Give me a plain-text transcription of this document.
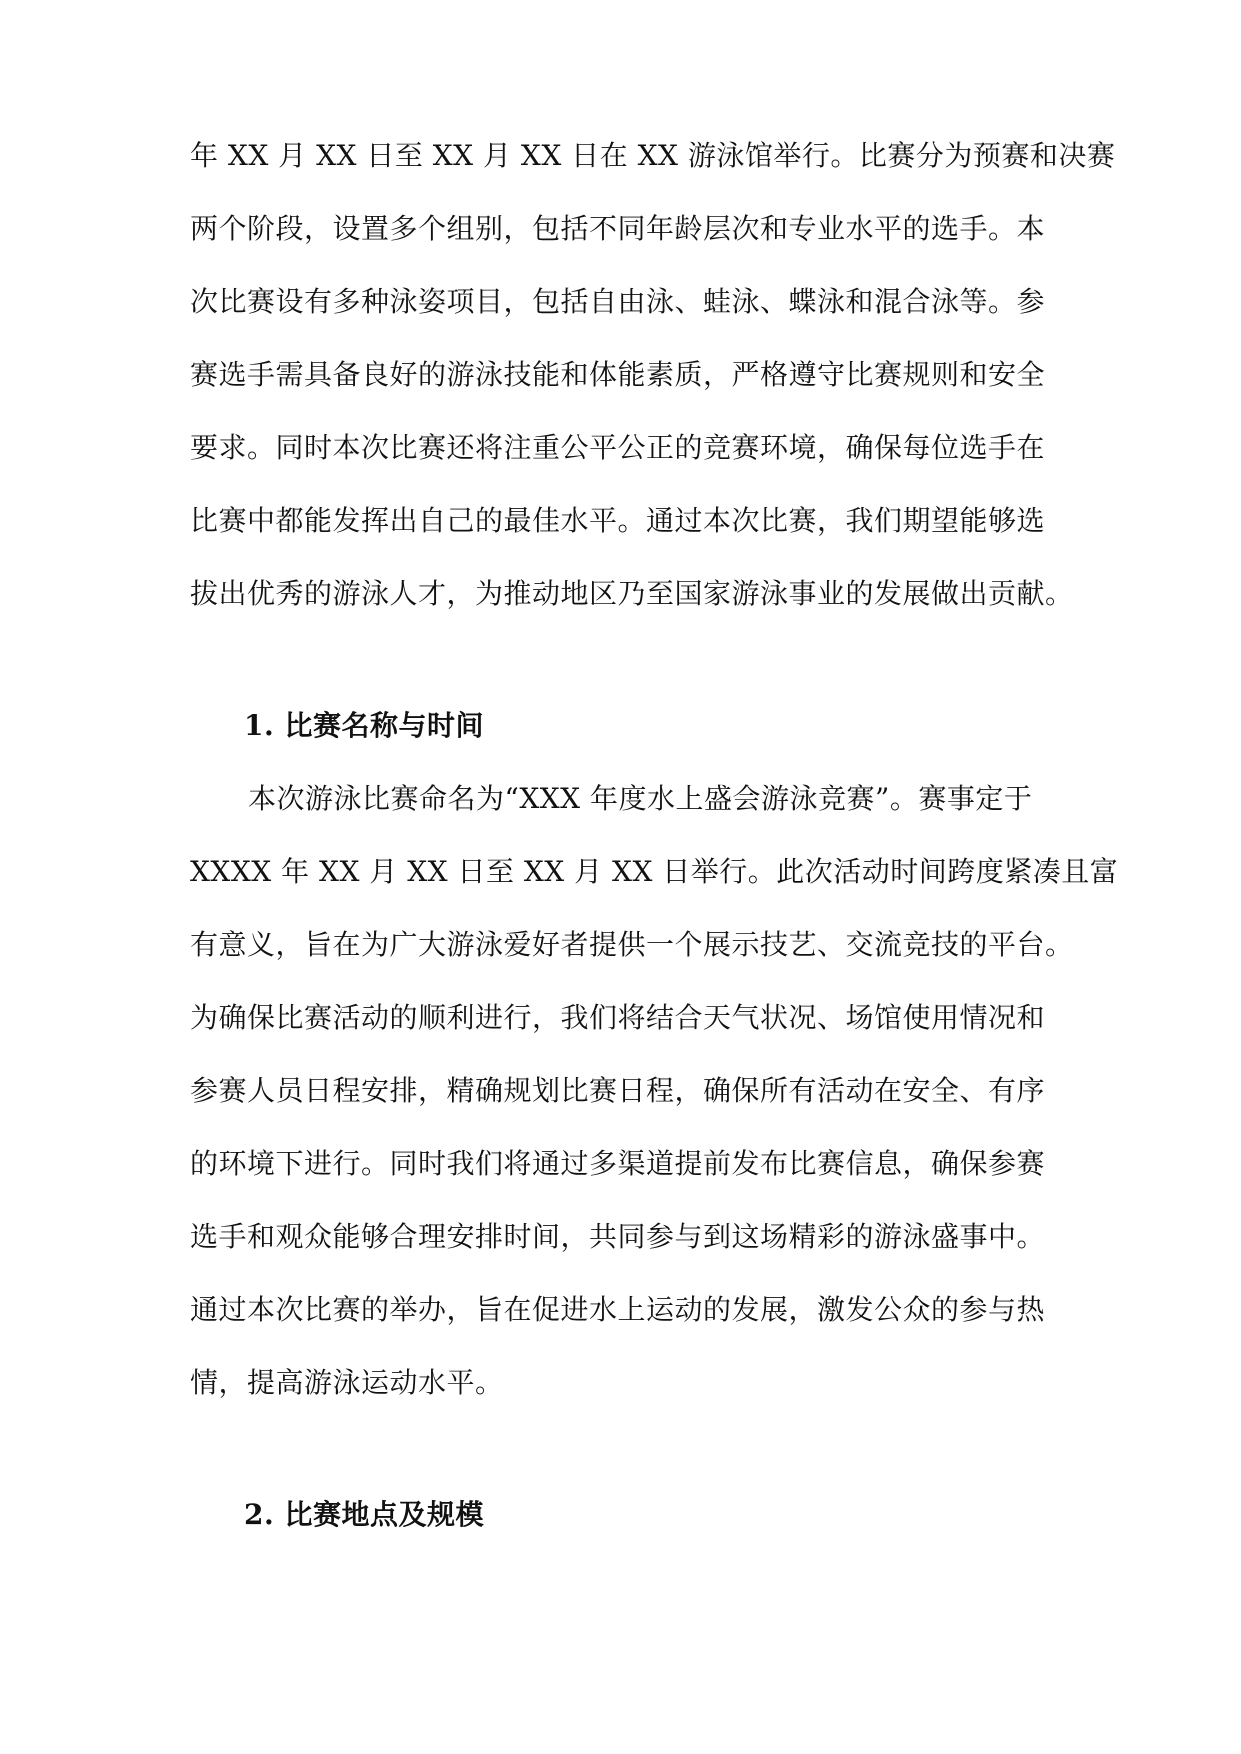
年 XX 月 XX 日至 XX 月 XX 日在 XX 游泳馆举行。比赛分为预赛和决赛
两个阶段，设置多个组别，包括不同年龄层次和专业水平的选手。本
次比赛设有多种泳姿项目，包括自由泳、蛙泳、蝶泳和混合泳等。参
赛选手需具备良好的游泳技能和体能素质，严格遵守比赛规则和安全
要求。同时本次比赛还将注重公平公正的竞赛环境，确保每位选手在
比赛中都能发挥出自己的最佳水平。通过本次比赛，我们期望能够选
拔出优秀的游泳人才，为推动地区乃至国家游泳事业的发展做出贡献。
1. 比赛名称与时间
本次游泳比赛命名为“XXX 年度水上盛会游泳竞赛”。赛事定于
XXXX 年 XX 月 XX 日至 XX 月 XX 日举行。此次活动时间跨度紧凑且富
有意义，旨在为广大游泳爱好者提供一个展示技艺、交流竞技的平台。
为确保比赛活动的顺利进行，我们将结合天气状况、场馆使用情况和
参赛人员日程安排，精确规划比赛日程，确保所有活动在安全、有序
的环境下进行。同时我们将通过多渠道提前发布比赛信息，确保参赛
选手和观众能够合理安排时间，共同参与到这场精彩的游泳盛事中。
通过本次比赛的举办，旨在促进水上运动的发展，激发公众的参与热
情，提高游泳运动水平。
2. 比赛地点及规模
